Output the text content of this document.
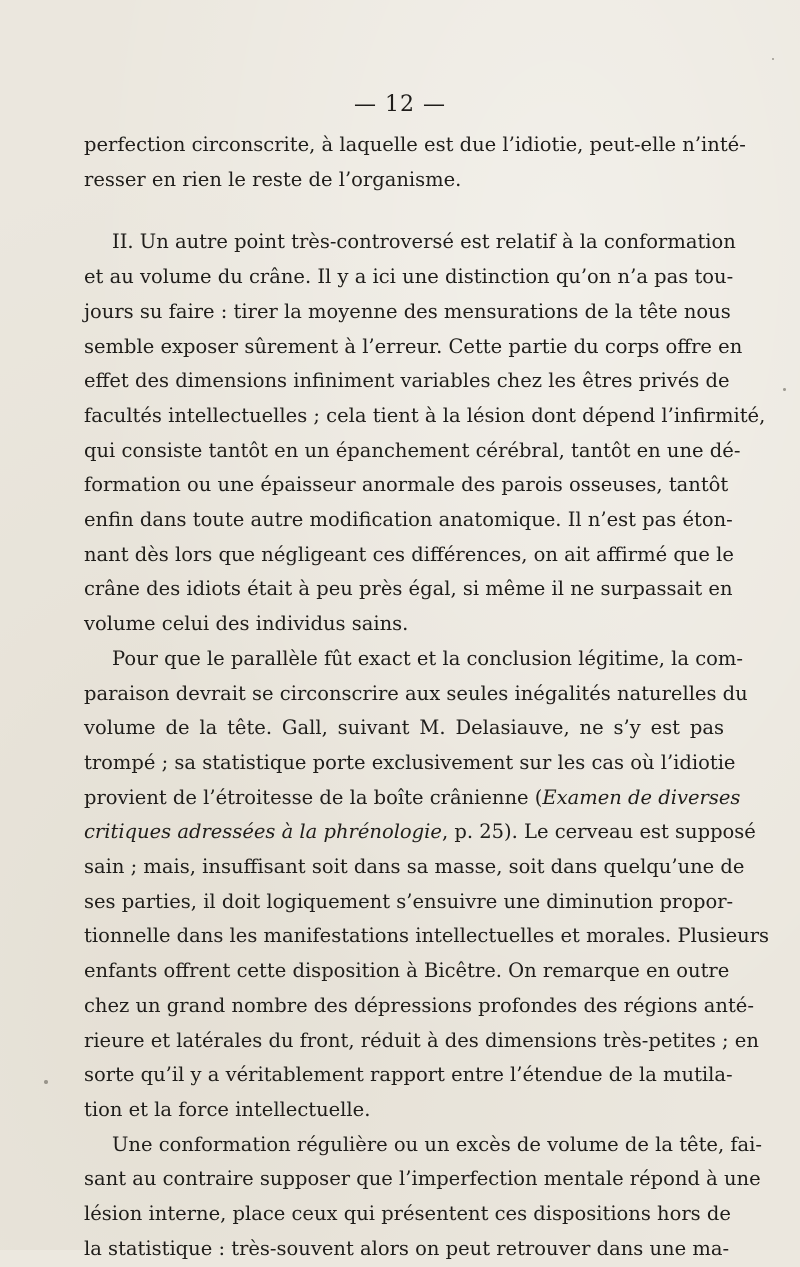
— 12 —

perfection circonscrite, à laquelle est due l’idiotie, peut-elle n’inté-
resser en rien le reste de l’organisme.

II. Un autre point très-controversé est relatif à la conformation
et au volume du crâne. Il y a ici une distinction qu’on n’a pas tou-
jours su faire : tirer la moyenne des mensurations de la tête nous
semble exposer sûrement à l’erreur. Cette partie du corps offre en
effet des dimensions infiniment variables chez les êtres privés de
facultés intellectuelles ; cela tient à la lésion dont dépend l’infirmité,
qui consiste tantôt en un épanchement cérébral, tantôt en une dé-
formation ou une épaisseur anormale des parois osseuses, tantôt
enfin dans toute autre modification anatomique. Il n’est pas éton-
nant dès lors que négligeant ces différences, on ait affirmé que le
crâne des idiots était à peu près égal, si même il ne surpassait en
volume celui des individus sains.

Pour que le parallèle fût exact et la conclusion légitime, la com-
paraison devrait se circonscrire aux seules inégalités naturelles du
volume de la tête. Gall, suivant M. Delasiauve, ne s’y est pas
trompé ; sa statistique porte exclusivement sur les cas où l’idiotie
provient de l’étroitesse de la boîte crânienne (Examen de diverses
critiques adressées à la phrénologie, p. 25). Le cerveau est supposé
sain ; mais, insuffisant soit dans sa masse, soit dans quelqu’une de
ses parties, il doit logiquement s’ensuivre une diminution propor-
tionnelle dans les manifestations intellectuelles et morales. Plusieurs
enfants offrent cette disposition à Bicêtre. On remarque en outre
chez un grand nombre des dépressions profondes des régions anté-
rieure et latérales du front, réduit à des dimensions très-petites ; en
sorte qu’il y a véritablement rapport entre l’étendue de la mutila-
tion et la force intellectuelle.

Une conformation régulière ou un excès de volume de la tête, fai-
sant au contraire supposer que l’imperfection mentale répond à une
lésion interne, place ceux qui présentent ces dispositions hors de
la statistique : très-souvent alors on peut retrouver dans une ma-
